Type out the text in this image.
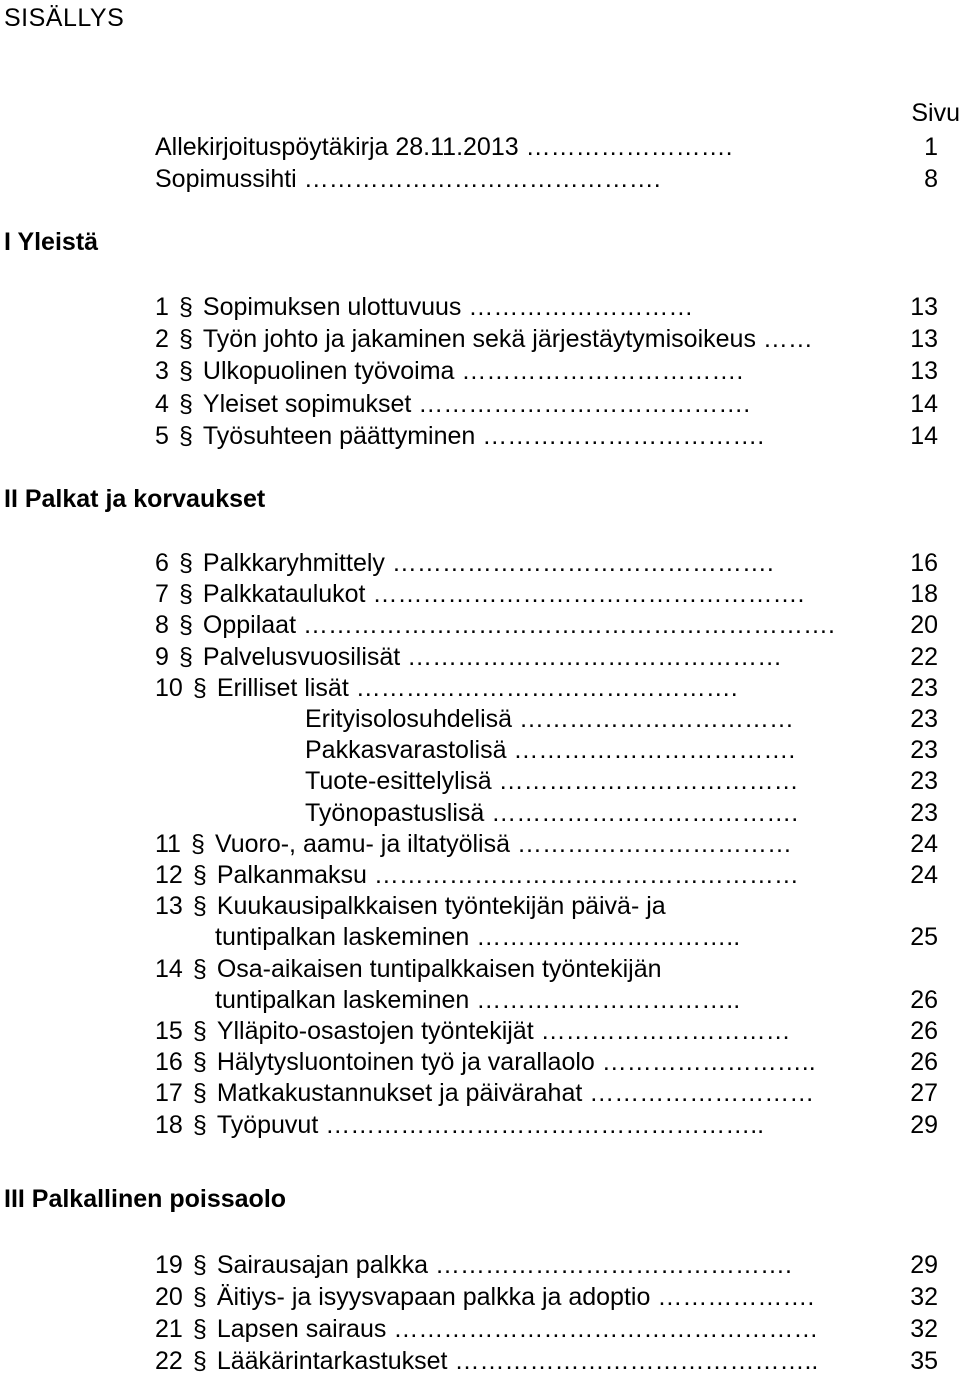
SISÄLLYS
Sivu
Allekirjoituspöytäkirja 28.11.2013 …………………….	1
Sopimussihti …………………………………….	8
I Yleistä
II Palkat ja korvaukset
III Palkallinen poissaolo
1 § Sopimuksen ulottuvuus ………………………	13
2 § Työn johto ja jakaminen sekä järjestäytymisoikeus ……	13
3 § Ulkopuolinen työvoima …………………………….	13
4 § Yleiset sopimukset ………………………………….	14
5 § Työsuhteen päättyminen …………………………….	14
6 § Palkkaryhmittely ……………………………………….	16
7 § Palkkataulukot …………………………………………….	18
8 § Oppilaat ……………………………………………………….	20
9 § Palvelusvuosilisät ………………………………………	22
10 § Erilliset lisät ……………………………………….	23
Erityisolosuhdelisä ……………………………	23
Pakkasvarastolisä …………………………….	23
Tuote-esittelylisä ………………………………	23
Työnopastuslisä ……………………………….	23
11 § Vuoro-, aamu- ja iltatyölisä ……………………………	24
12 § Palkanmaksu ……………………………………………	24
13 § Kuukausipalkkaisen työntekijän päivä- ja
tuntipalkan laskeminen …………………………..	25
14 § Osa-aikaisen tuntipalkkaisen työntekijän
tuntipalkan laskeminen …………………………..	26
15 § Ylläpito-osastojen työntekijät …………………………	26
16 § Hälytysluontoinen työ ja varallaolo ……………………..	26
17 § Matkakustannukset ja päivärahat ………………………	27
18 § Työpuvut ……………………………………………..	29
19 § Sairausajan palkka …………………………………….	29
20 § Äitiys- ja isyysvapaan palkka ja adoptio ……………….	32
21 § Lapsen sairaus ……………………………………………	32
22 § Lääkärintarkastukset ……………………………………..	35
